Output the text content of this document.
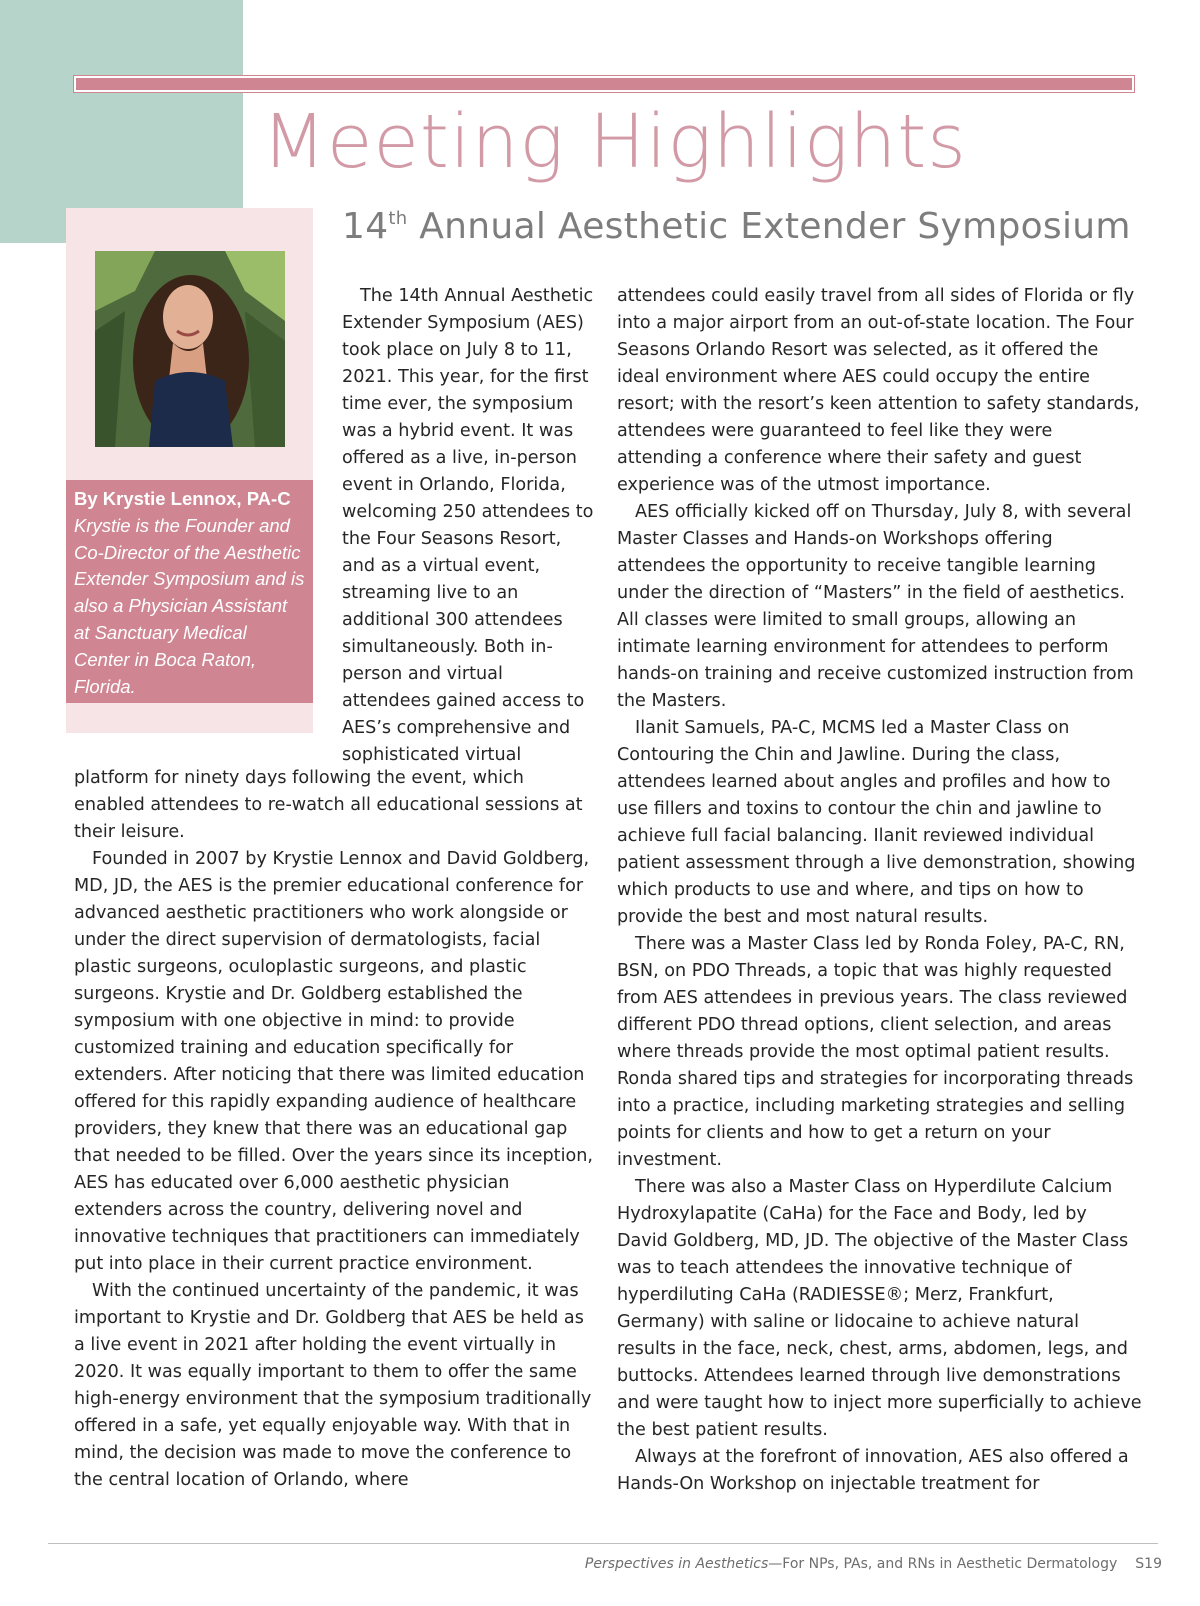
Meeting Highlights
14th Annual Aesthetic Extender Symposium
By Krystie Lennox, PA-C
Krystie is the Founder and Co-Director of the Aesthetic Extender Symposium and is also a Physician Assistant at Sanctuary Medical Center in Boca Raton, Florida.

The 14th Annual Aesthetic Extender Symposium (AES) took place on July 8 to 11, 2021. This year, for the first time ever, the symposium was a hybrid event. It was offered as a live, in-person event in Orlando, Florida, welcoming 250 attendees to the Four Seasons Resort, and as a virtual event, streaming live to an additional 300 attendees simultaneously. Both in-person and virtual attendees gained access to AES’s comprehensive and sophisticated virtual

platform for ninety days following the event, which enabled attendees to re-watch all educational sessions at their leisure.

Founded in 2007 by Krystie Lennox and David Goldberg, MD, JD, the AES is the premier educational conference for advanced aesthetic practitioners who work alongside or under the direct supervision of dermatologists, facial plastic surgeons, oculoplastic surgeons, and plastic surgeons. Krystie and Dr. Goldberg established the symposium with one objective in mind: to provide customized training and education specifically for extenders. After noticing that there was limited education offered for this rapidly expanding audience of healthcare providers, they knew that there was an educational gap that needed to be filled. Over the years since its inception, AES has educated over 6,000 aesthetic physician extenders across the country, delivering novel and innovative techniques that practitioners can immediately put into place in their current practice environment.

With the continued uncertainty of the pandemic, it was important to Krystie and Dr. Goldberg that AES be held as a live event in 2021 after holding the event virtually in 2020. It was equally important to them to offer the same high-energy environment that the symposium traditionally offered in a safe, yet equally enjoyable way. With that in mind, the decision was made to move the conference to the central location of Orlando, where

attendees could easily travel from all sides of Florida or fly into a major airport from an out-of-state location. The Four Seasons Orlando Resort was selected, as it offered the ideal environment where AES could occupy the entire resort; with the resort’s keen attention to safety standards, attendees were guaranteed to feel like they were attending a conference where their safety and guest experience was of the utmost importance.

AES officially kicked off on Thursday, July 8, with several Master Classes and Hands-on Workshops offering attendees the opportunity to receive tangible learning under the direction of “Masters” in the field of aesthetics. All classes were limited to small groups, allowing an intimate learning environment for attendees to perform hands-on training and receive customized instruction from the Masters.

Ilanit Samuels, PA-C, MCMS led a Master Class on Contouring the Chin and Jawline. During the class, attendees learned about angles and profiles and how to use fillers and toxins to contour the chin and jawline to achieve full facial balancing. Ilanit reviewed individual patient assessment through a live demonstration, showing which products to use and where, and tips on how to provide the best and most natural results.

There was a Master Class led by Ronda Foley, PA-C, RN, BSN, on PDO Threads, a topic that was highly requested from AES attendees in previous years. The class reviewed different PDO thread options, client selection, and areas where threads provide the most optimal patient results. Ronda shared tips and strategies for incorporating threads into a practice, including marketing strategies and selling points for clients and how to get a return on your investment.

There was also a Master Class on Hyperdilute Calcium Hydroxylapatite (CaHa) for the Face and Body, led by David Goldberg, MD, JD. The objective of the Master Class was to teach attendees the innovative technique of hyperdiluting CaHa (RADIESSE®; Merz, Frankfurt, Germany) with saline or lidocaine to achieve natural results in the face, neck, chest, arms, abdomen, legs, and buttocks. Attendees learned through live demonstrations and were taught how to inject more superficially to achieve the best patient results.

Always at the forefront of innovation, AES also offered a Hands-On Workshop on injectable treatment for

Perspectives in Aesthetics—For NPs, PAs, and RNs in Aesthetic Dermatology S19
